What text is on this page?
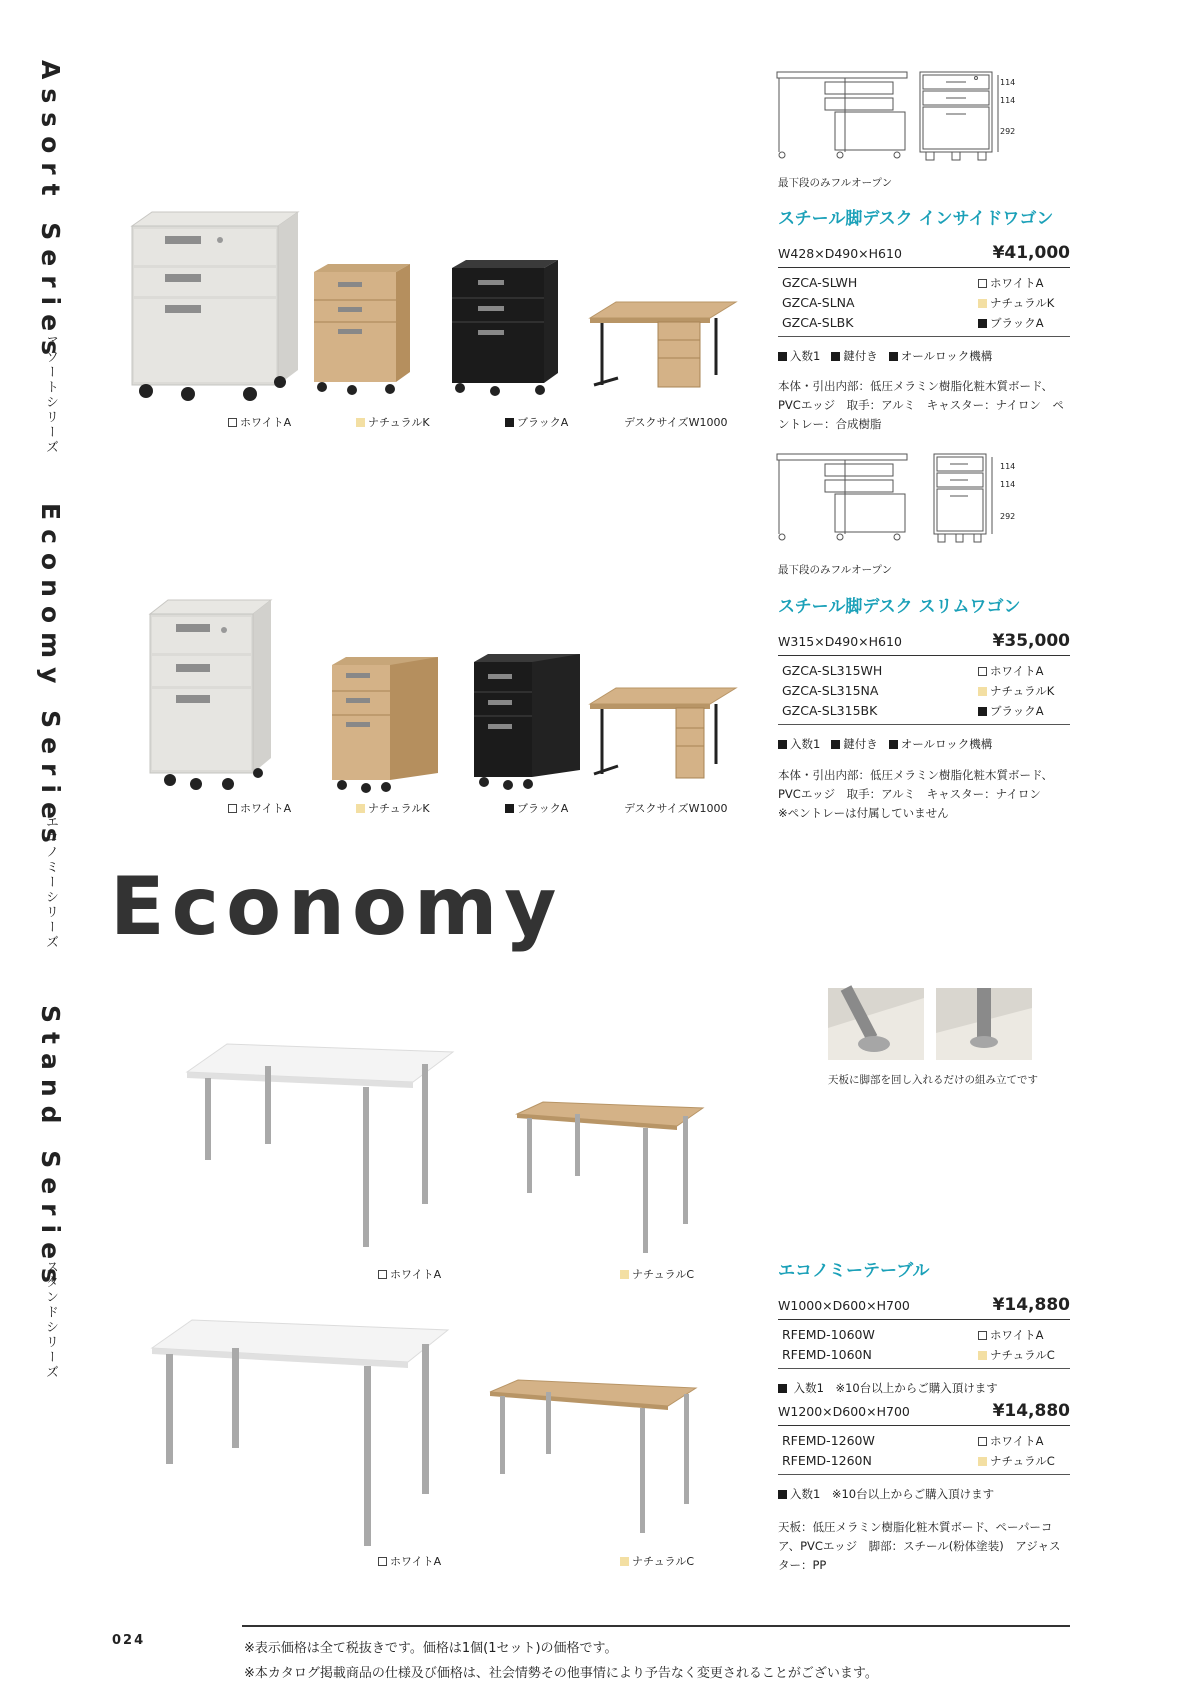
Assort Series
アソートシリーズ
Economy Series
エコノミーシリーズ
Stand Series
スタンドシリーズ
ホワイトA	ナチュラルK	ブラックA	デスクサイズW1000
114
114
292
最下段のみフルオープン
スチール脚デスク インサイドワゴン
W428×D490×H610	¥41,000
GZCA-SLWH	ホワイトA
GZCA-SLNA	ナチュラルK
GZCA-SLBK	ブラックA
入数1 鍵付き オールロック機構
本体・引出内部：低圧メラミン樹脂化粧木質ボード、PVCエッジ　取手：アルミ　キャスター：ナイロン　ペントレー：合成樹脂
114
114
292
最下段のみフルオープン
スチール脚デスク スリムワゴン
W315×D490×H610	¥35,000
GZCA-SL315WH	ホワイトA
GZCA-SL315NA	ナチュラルK
GZCA-SL315BK	ブラックA
入数1 鍵付き オールロック機構
本体・引出内部：低圧メラミン樹脂化粧木質ボード、PVCエッジ　取手：アルミ　キャスター：ナイロン
※ペントレーは付属していません
ホワイトA	ナチュラルK	ブラックA	デスクサイズW1000
Economy
天板に脚部を回し入れるだけの組み立てです
ホワイトA	ナチュラルC
ホワイトA	ナチュラルC
エコノミーテーブル
W1000×D600×H700	¥14,880
RFEMD-1060W	ホワイトA
RFEMD-1060N	ナチュラルC
入数1　※10台以上からご購入頂けます
W1200×D600×H700	¥14,880
RFEMD-1260W	ホワイトA
RFEMD-1260N	ナチュラルC
入数1　※10台以上からご購入頂けます
天板：低圧メラミン樹脂化粧木質ボード、ペーパーコア、PVCエッジ　脚部：スチール(粉体塗装)　アジャスター：PP
024
※表示価格は全て税抜きです。価格は1個(1セット)の価格です。
※本カタログ掲載商品の仕様及び価格は、社会情勢その他事情により予告なく変更されることがございます。
